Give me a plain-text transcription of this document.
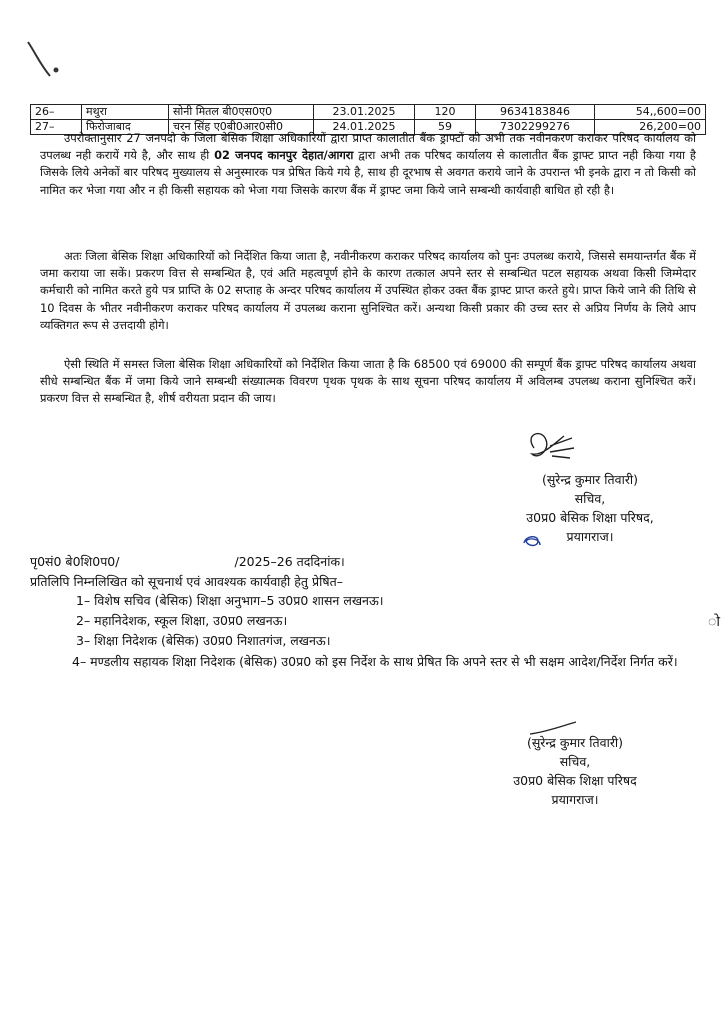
26–	मथुरा	सोनी मितल बी0एस0ए0	23.01.2025	120	9634183846	54,,600=00
27–	फिरोजाबाद	चरन सिंह ए0बी0आर0सी0	24.01.2025	59	7302299276	26,200=00

उपरोक्तानुसार 27 जनपदो के जिला बेसिक शिक्षा अधिकारियों द्वारा प्राप्त कालातीत बैंक ड्राफ्टों को अभी तक नवीनकरण कराकर परिषद कार्यालय को उपलब्ध नही करायें गये है, और साथ ही 02 जनपद कानपुर देहात/आगरा द्वारा अभी तक परिषद कार्यालय से कालातीत बैंक ड्राफ्ट प्राप्त नही किया गया है जिसके लिये अनेकों बार परिषद मुख्यालय से अनुस्मारक पत्र प्रेषित किये गये है, साथ ही दूरभाष से अवगत कराये जाने के उपरान्त भी इनके द्वारा न तो किसी को नामित कर भेजा गया और न ही किसी सहायक को भेजा गया जिसके कारण बैंक में ड्राफ्ट जमा किये जाने सम्बन्धी कार्यवाही बाधित हो रही है।

अतः जिला बेसिक शिक्षा अधिकारियों को निर्देशित किया जाता है, नवीनीकरण कराकर परिषद कार्यालय को पुनः उपलब्ध कराये, जिससे समयान्तर्गत बैंक में जमा कराया जा सकें। प्रकरण वित्त से सम्बन्धित है, एवं अति महत्वपूर्ण होने के कारण तत्काल अपने स्तर से सम्बन्धित पटल सहायक अथवा किसी जिम्मेदार कर्मचारी को नामित करते हुये पत्र प्राप्ति के 02 सप्ताह के अन्दर परिषद कार्यालय में उपस्थित होकर उक्त बैंक ड्राफ्ट प्राप्त करते हुये। प्राप्त किये जाने की तिथि से 10 दिवस के भीतर नवीनीकरण कराकर परिषद कार्यालय में उपलब्ध कराना सुनिश्चित करें। अन्यथा किसी प्रकार की उच्च स्तर से अप्रिय निर्णय के लिये आप व्यक्तिगत रूप से उत्तदायी होगे।

ऐसी स्थिति में समस्त जिला बेसिक शिक्षा अधिकारियों को निर्देशित किया जाता है कि 68500 एवं 69000 की सम्पूर्ण बैंक ड्राफ्ट परिषद कार्यालय अथवा सीधे सम्बन्धित बैंक में जमा किये जाने सम्बन्धी संख्यात्मक विवरण पृथक पृथक के साथ सूचना परिषद कार्यालय में अविलम्ब उपलब्ध कराना सुनिश्चित करें। प्रकरण वित्त से सम्बन्धित है, शीर्ष वरीयता प्रदान की जाय।

(सुरेन्द्र कुमार तिवारी)
सचिव,
उ0प्र0 बेसिक शिक्षा परिषद,
प्रयागराज।
पृ0सं0 बे0शि0प0/	/2025–26 तददिनांक।
प्रतिलिपि निम्नलिखित को सूचनार्थ एवं आवश्यक कार्यवाही हेतु प्रेषित–
1– विशेष सचिव (बेसिक) शिक्षा अनुभाग–5 उ0प्र0 शासन लखनऊ।
2– महानिदेशक, स्कूल शिक्षा, उ0प्र0 लखनऊ।
3– शिक्षा निदेशक (बेसिक) उ0प्र0 निशातगंज, लखनऊ।
4– मण्डलीय सहायक शिक्षा निदेशक (बेसिक) उ0प्र0 को इस निर्देश के साथ प्रेषित कि अपने स्तर से भी सक्षम आदेश/निर्देश निर्गत करें।
(सुरेन्द्र कुमार तिवारी)
सचिव,
उ0प्र0 बेसिक शिक्षा परिषद
प्रयागराज।
ो
